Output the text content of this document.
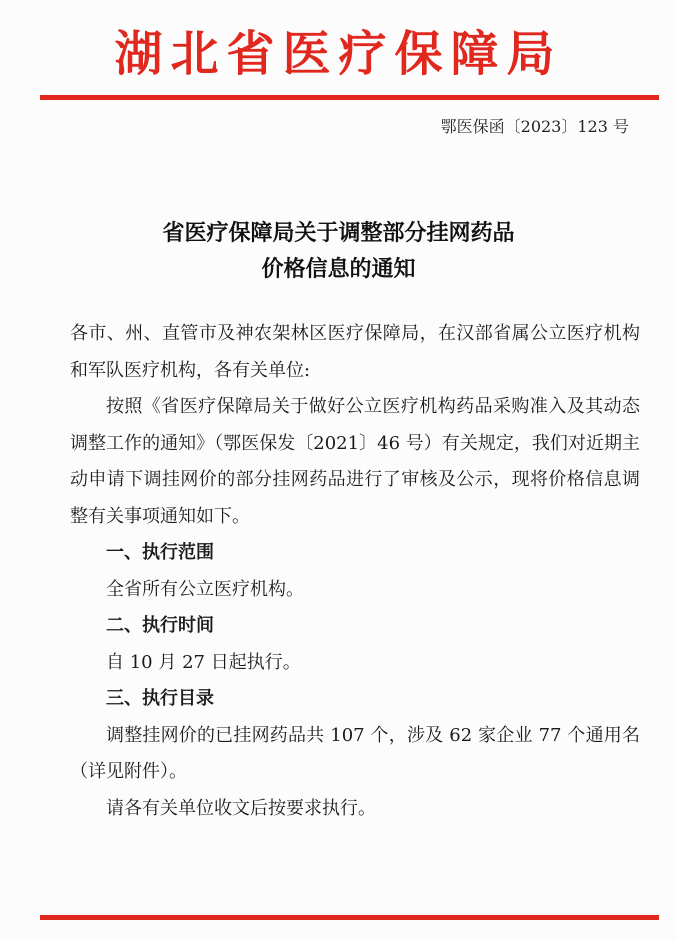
湖北省医疗保障局
鄂医保函〔2023〕123 号
省医疗保障局关于调整部分挂网药品
价格信息的通知

各市、州、直管市及神农架林区医疗保障局，在汉部省属公立医疗机构和军队医疗机构，各有关单位:

按照《省医疗保障局关于做好公立医疗机构药品采购准入及其动态调整工作的通知》（鄂医保发〔2021〕46 号）有关规定，我们对近期主动申请下调挂网价的部分挂网药品进行了审核及公示，现将价格信息调整有关事项通知如下。

一、执行范围

全省所有公立医疗机构。

二、执行时间

自 10 月 27 日起执行。

三、执行目录

调整挂网价的已挂网药品共 107 个，涉及 62 家企业 77 个通用名（详见附件）。

请各有关单位收文后按要求执行。
